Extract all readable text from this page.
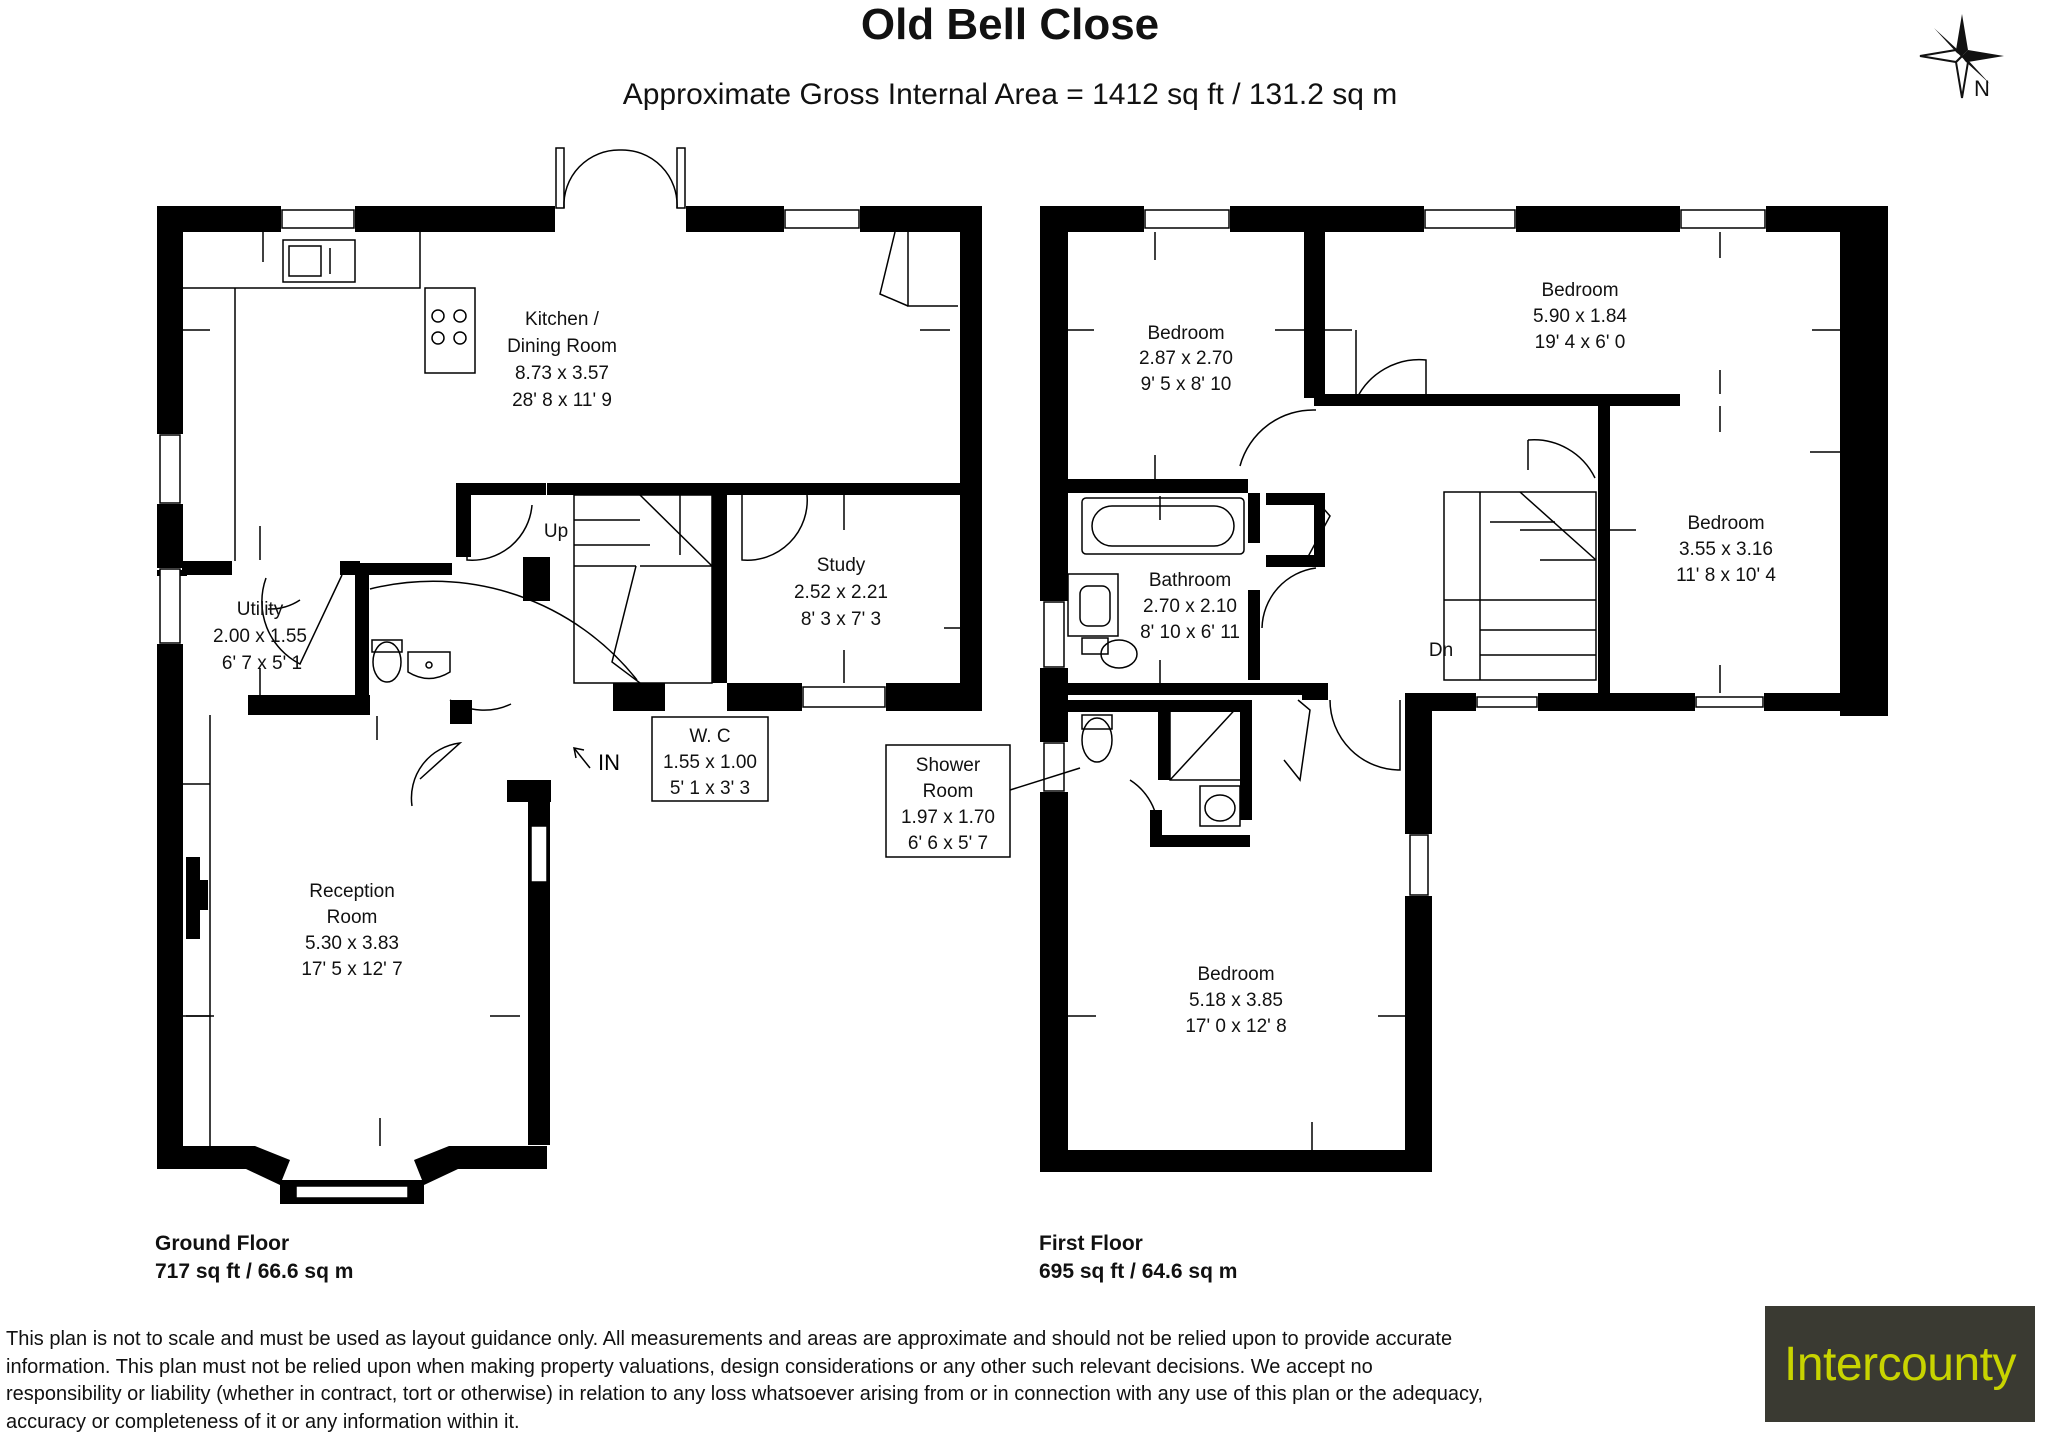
Old Bell Close
Approximate Gross Internal Area = 1412 sq ft / 131.2 sq m	N
Kitchen /
Dining Room
8.73 x 3.57
28' 8 x 11' 9
Utility
2.00 x 1.55
6' 7 x 5' 1
Study
2.52 x 2.21
8' 3 x 7' 3
W. C
1.55 x 1.00
5' 1 x 3' 3
Reception
Room
5.30 x 3.83
17' 5 x 12' 7
Up
IN
Bedroom
2.87 x 2.70
9' 5 x 8' 10
Bedroom
5.90 x 1.84
19' 4 x 6' 0
Bedroom
3.55 x 3.16
11' 8 x 10' 4
Bathroom
2.70 x 2.10
8' 10 x 6' 11
Shower
Room
1.97 x 1.70
6' 6 x 5' 7
Bedroom
5.18 x 3.85
17' 0 x 12' 8
Dn
Ground Floor
717 sq ft / 66.6 sq m
First Floor
695 sq ft / 64.6 sq m
This plan is not to scale and must be used as layout guidance only. All measurements and areas are approximate and should not be relied upon to provide accurate information. This plan must not be relied upon when making property valuations, design considerations or any other such relevant decisions. We accept no responsibility or liability (whether in contract, tort or otherwise) in relation to any loss whatsoever arising from or in connection with any use of this plan or the adequacy, accuracy or completeness of it or any information within it.
Intercounty
